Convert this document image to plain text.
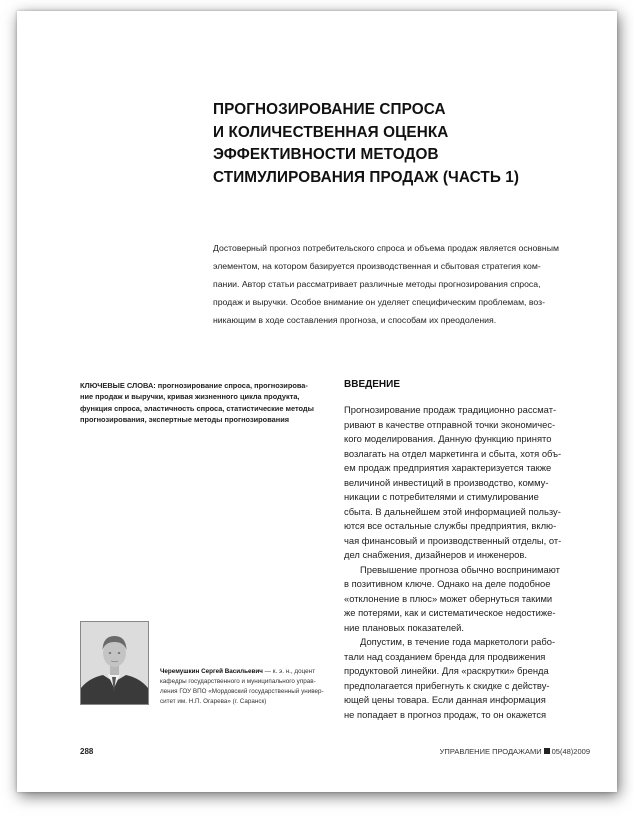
ПРОГНОЗИРОВАНИЕ СПРОСА
И КОЛИЧЕСТВЕННАЯ ОЦЕНКА
ЭФФЕКТИВНОСТИ МЕТОДОВ
СТИМУЛИРОВАНИЯ ПРОДАЖ (ЧАСТЬ 1)

Достоверный прогноз потребительского спроса и объема продаж является основным
элементом, на котором базируется производственная и сбытовая стратегия ком-
пании. Автор статьи рассматривает различные методы прогнозирования спроса,
продаж и выручки. Особое внимание он уделяет специфическим проблемам, воз-
никающим в ходе составления прогноза, и способам их преодоления.

КЛЮЧЕВЫЕ СЛОВА: прогнозирование спроса, прогнозирова-
ние продаж и выручки, кривая жизненного цикла продукта,
функция спроса, эластичность спроса, статистические методы
прогнозирования, экспертные методы прогнозирования
ВВЕДЕНИЕ
Прогнозирование продаж традиционно рассмат-
ривают в качестве отправной точки экономичес-
кого моделирования. Данную функцию принято
возлагать на отдел маркетинга и сбыта, хотя объ-
ем продаж предприятия характеризуется также
величиной инвестиций в производство, комму-
никации с потребителями и стимулирование
сбыта. В дальнейшем этой информацией пользу-
ются все остальные службы предприятия, вклю-
чая финансовый и производственный отделы, от-
дел снабжения, дизайнеров и инженеров.
Превышение прогноза обычно воспринимают
в позитивном ключе. Однако на деле подобное
«отклонение в плюс» может обернуться такими
же потерями, как и систематическое недостиже-
ние плановых показателей.
Допустим, в течение года маркетологи рабо-
тали над созданием бренда для продвижения
продуктовой линейки. Для «раскрутки» бренда
предполагается прибегнуть к скидке с действу-
ющей цены товара. Если данная информация
не попадает в прогноз продаж, то он окажется
Черемушкин Сергей Васильевич — к. э. н., доцент
кафедры государственного и муниципального управ-
ления ГОУ ВПО «Мордовский государственный универ-
ситет им. Н.П. Огарева» (г. Саранск)
288	УПРАВЛЕНИЕ ПРОДАЖАМИ 05(48)2009
